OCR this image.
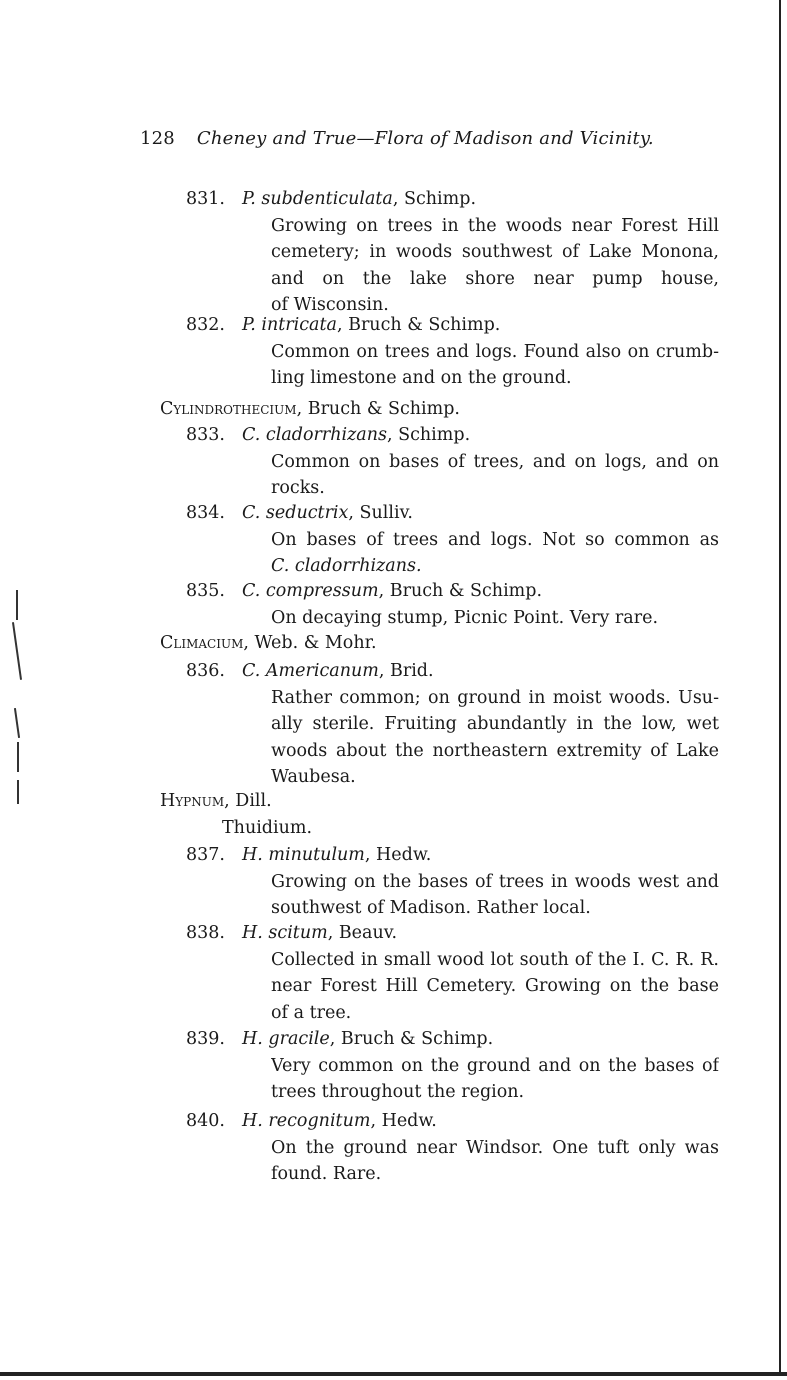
128 Cheney and True—Flora of Madison and Vicinity.
831. P. subdenticulata, Schimp.
Growing on trees in the woods near Forest Hill
cemetery; in woods southwest of Lake Monona,
and on the lake shore near pump house,
of Wisconsin.
832. P. intricata, Bruch & Schimp.
Common on trees and logs. Found also on crumb-
ling limestone and on the ground.
Cylindrothecium, Bruch & Schimp.
833. C. cladorrhizans, Schimp.
Common on bases of trees, and on logs, and on
rocks.
834. C. seductrix, Sulliv.
On bases of trees and logs. Not so common as
C. cladorrhizans.
835. C. compressum, Bruch & Schimp.
On decaying stump, Picnic Point. Very rare.
Climacium, Web. & Mohr.
836. C. Americanum, Brid.
Rather common; on ground in moist woods. Usu-
ally sterile. Fruiting abundantly in the low, wet
woods about the northeastern extremity of Lake
Waubesa.
Hypnum, Dill.
Thuidium.
837. H. minutulum, Hedw.
Growing on the bases of trees in woods west and
southwest of Madison. Rather local.
838. H. scitum, Beauv.
Collected in small wood lot south of the I. C. R. R.
near Forest Hill Cemetery. Growing on the base
of a tree.
839. H. gracile, Bruch & Schimp.
Very common on the ground and on the bases of
trees throughout the region.
840. H. recognitum, Hedw.
On the ground near Windsor. One tuft only was
found. Rare.
